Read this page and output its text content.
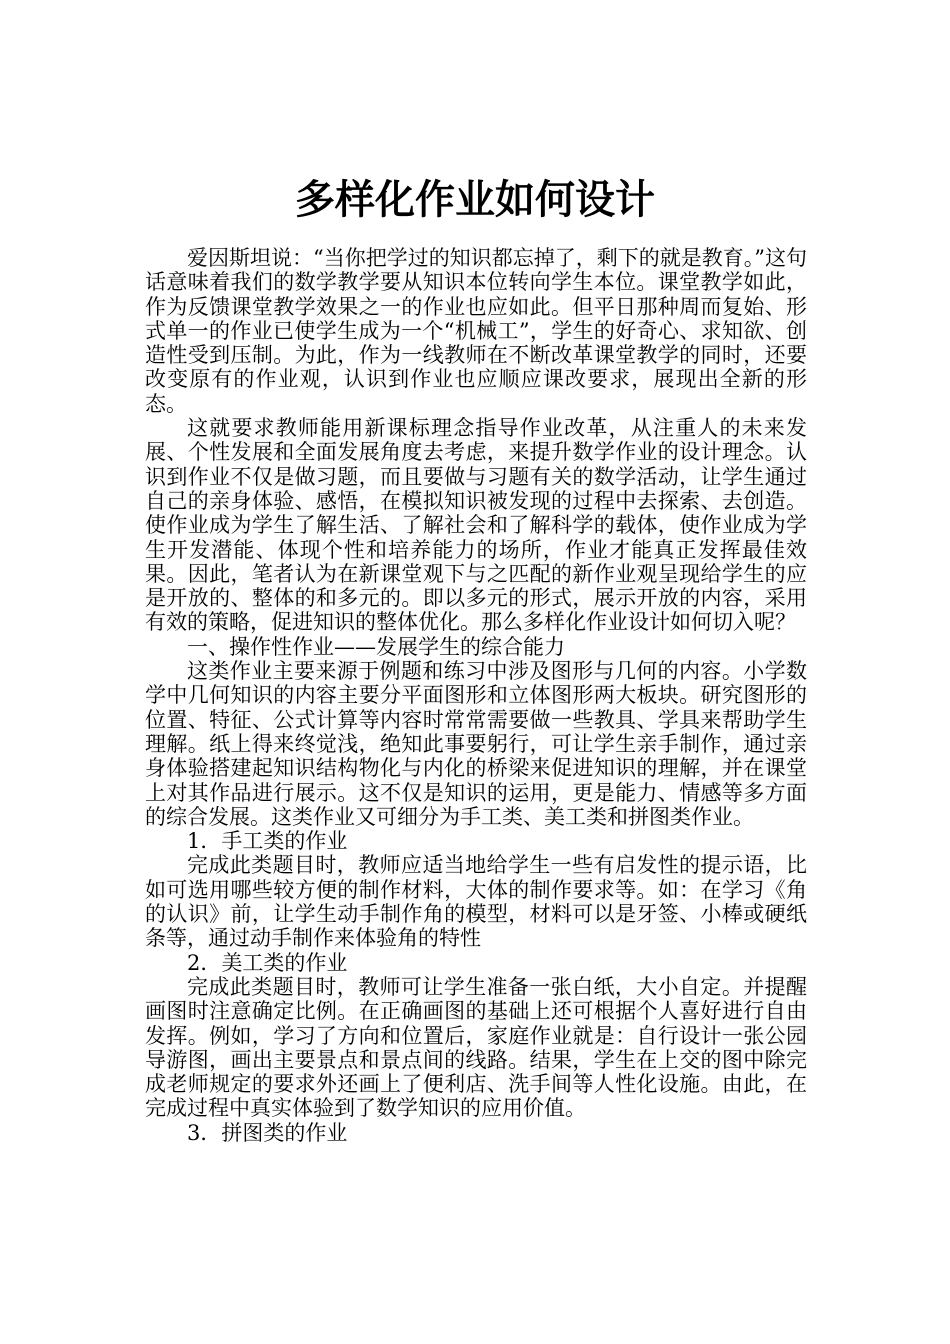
多样化作业如何设计

爱因斯坦说：“当你把学过的知识都忘掉了，剩下的就是教育。”这句话意味着我们的数学教学要从知识本位转向学生本位。课堂教学如此，作为反馈课堂教学效果之一的作业也应如此。但平日那种周而复始、形式单一的作业已使学生成为一个“机械工”，学生的好奇心、求知欲、创造性受到压制。为此，作为一线教师在不断改革课堂教学的同时，还要改变原有的作业观，认识到作业也应顺应课改要求，展现出全新的形态。

这就要求教师能用新课标理念指导作业改革，从注重人的未来发展、个性发展和全面发展角度去考虑，来提升数学作业的设计理念。认识到作业不仅是做习题，而且要做与习题有关的数学活动，让学生通过自己的亲身体验、感悟，在模拟知识被发现的过程中去探索、去创造。使作业成为学生了解生活、了解社会和了解科学的载体，使作业成为学生开发潜能、体现个性和培养能力的场所，作业才能真正发挥最佳效果。因此，笔者认为在新课堂观下与之匹配的新作业观呈现给学生的应是开放的、整体的和多元的。即以多元的形式，展示开放的内容，采用有效的策略，促进知识的整体优化。那么多样化作业设计如何切入呢？

一、操作性作业——发展学生的综合能力

这类作业主要来源于例题和练习中涉及图形与几何的内容。小学数学中几何知识的内容主要分平面图形和立体图形两大板块。研究图形的位置、特征、公式计算等内容时常常需要做一些教具、学具来帮助学生理解。纸上得来终觉浅，绝知此事要躬行，可让学生亲手制作，通过亲身体验搭建起知识结构物化与内化的桥梁来促进知识的理解，并在课堂上对其作品进行展示。这不仅是知识的运用，更是能力、情感等多方面的综合发展。这类作业又可细分为手工类、美工类和拼图类作业。

1．手工类的作业

完成此类题目时，教师应适当地给学生一些有启发性的提示语，比如可选用哪些较方便的制作材料，大体的制作要求等。如：在学习《角的认识》前，让学生动手制作角的模型，材料可以是牙签、小棒或硬纸条等，通过动手制作来体验角的特性

2．美工类的作业

完成此类题目时，教师可让学生准备一张白纸，大小自定。并提醒画图时注意确定比例。在正确画图的基础上还可根据个人喜好进行自由发挥。例如，学习了方向和位置后，家庭作业就是：自行设计一张公园导游图，画出主要景点和景点间的线路。结果，学生在上交的图中除完成老师规定的要求外还画上了便利店、洗手间等人性化设施。由此，在完成过程中真实体验到了数学知识的应用价值。

3．拼图类的作业
